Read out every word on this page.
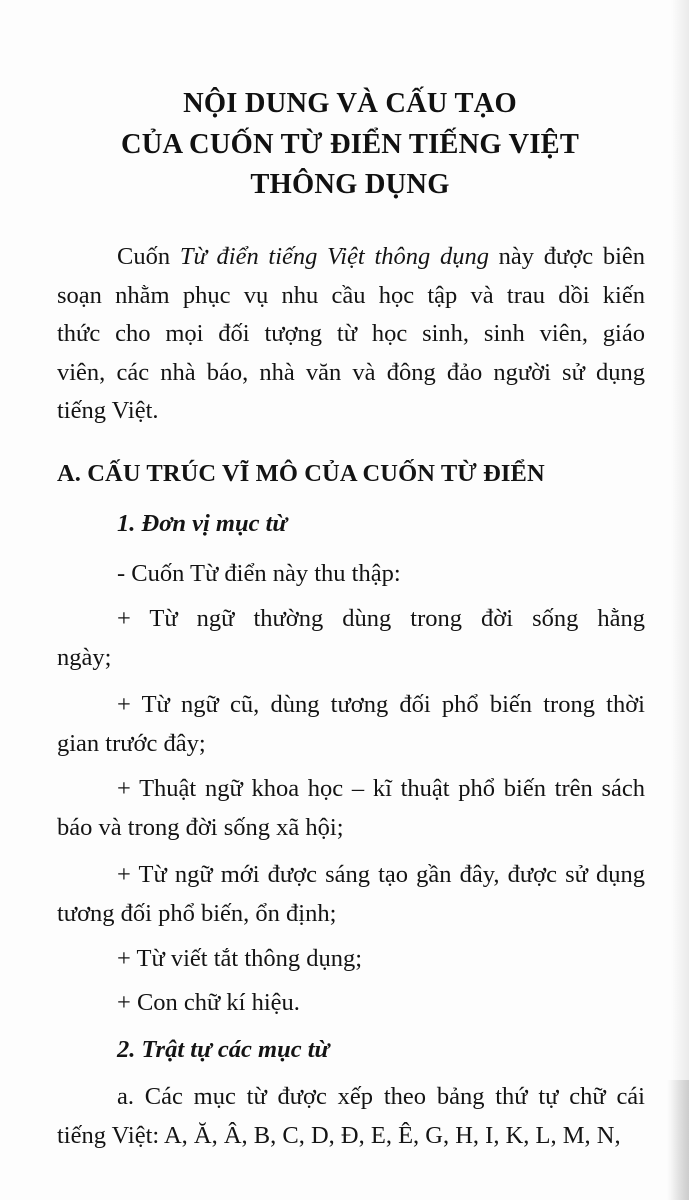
NỘI DUNG VÀ CẤU TẠO
CỦA CUỐN TỪ ĐIỂN TIẾNG VIỆT
THÔNG DỤNG
Cuốn Từ điển tiếng Việt thông dụng này được biên
soạn nhằm phục vụ nhu cầu học tập và trau dồi kiến
thức cho mọi đối tượng từ học sinh, sinh viên, giáo
viên, các nhà báo, nhà văn và đông đảo người sử dụng
tiếng Việt.
A. CẤU TRÚC VĨ MÔ CỦA CUỐN TỪ ĐIỂN
1. Đơn vị mục từ
- Cuốn Từ điển này thu thập:
+ Từ ngữ thường dùng trong đời sống hằng
ngày;
+ Từ ngữ cũ, dùng tương đối phổ biến trong thời
gian trước đây;
+ Thuật ngữ khoa học – kĩ thuật phổ biến trên sách
báo và trong đời sống xã hội;
+ Từ ngữ mới được sáng tạo gần đây, được sử dụng
tương đối phổ biến, ổn định;
+ Từ viết tắt thông dụng;
+ Con chữ kí hiệu.
2. Trật tự các mục từ
a. Các mục từ được xếp theo bảng thứ tự chữ cái
tiếng Việt: A, Ă, Â, B, C, D, Đ, E, Ê, G, H, I, K, L, M, N,
